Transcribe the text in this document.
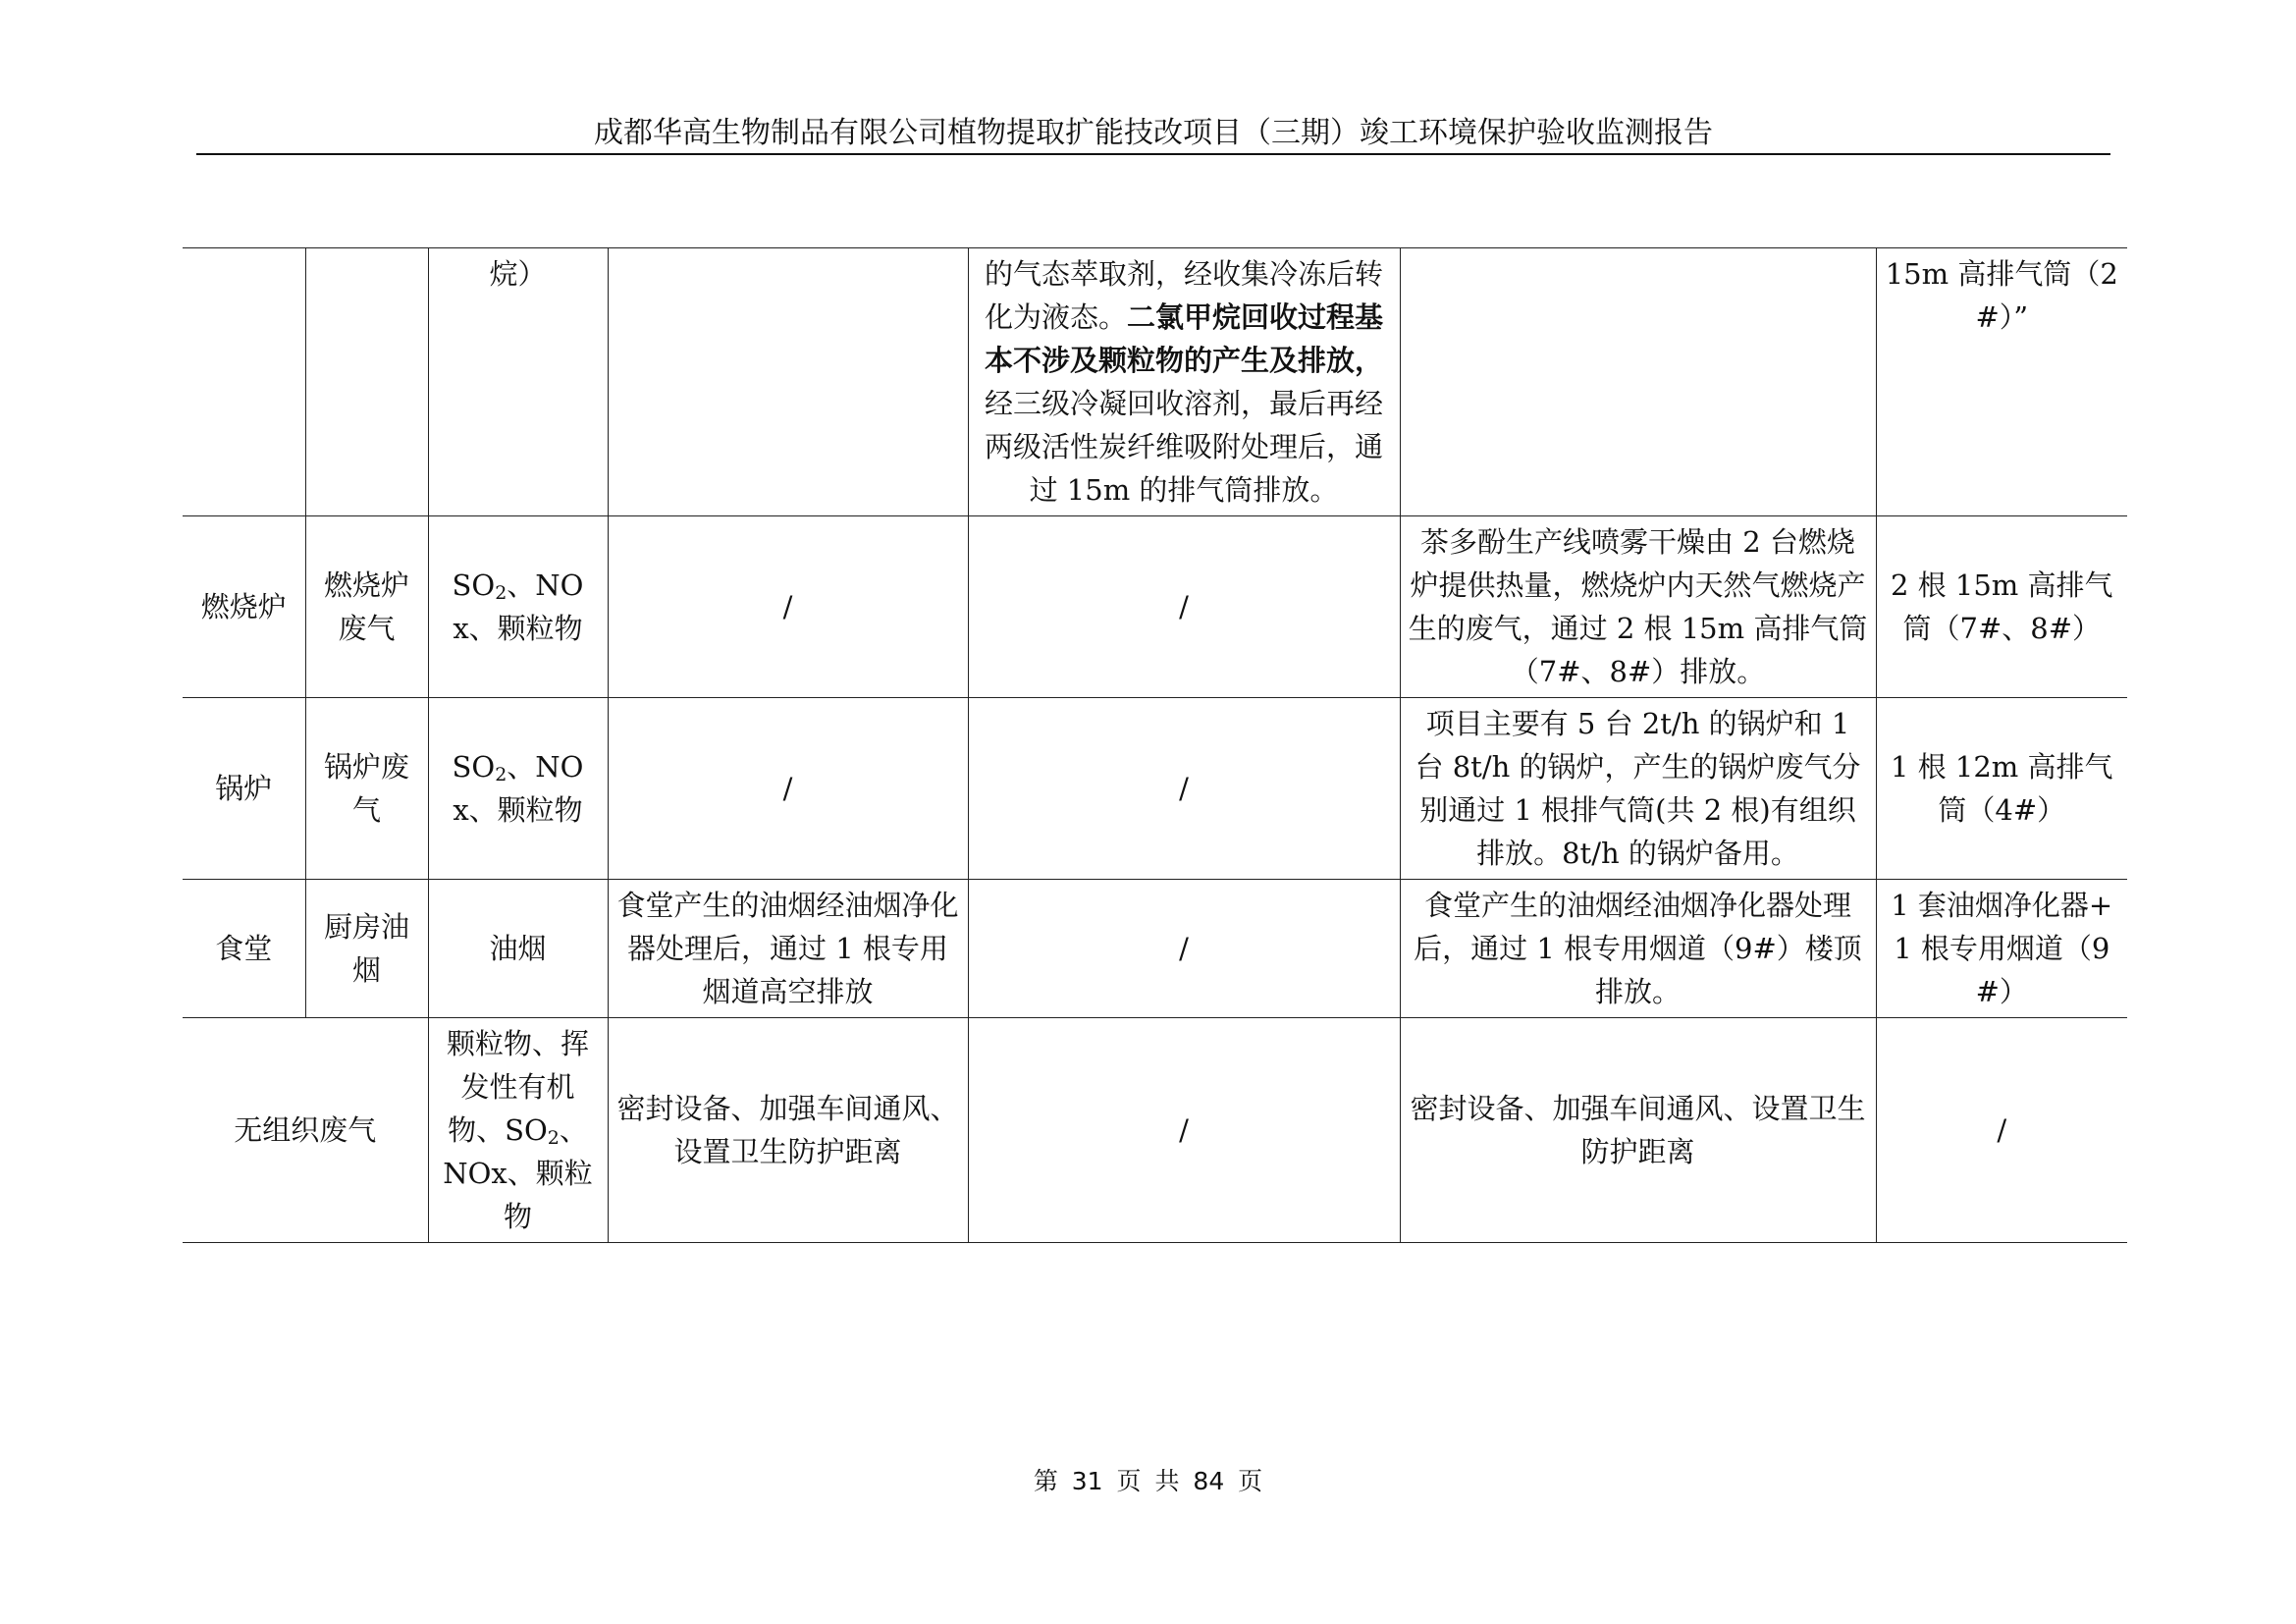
成都华高生物制品有限公司植物提取扩能技改项目（三期）竣工环境保护验收监测报告
		烷）		的气态萃取剂，经收集冷冻后转化为液态。二氯甲烷回收过程基本不涉及颗粒物的产生及排放，经三级冷凝回收溶剂，最后再经两级活性炭纤维吸附处理后，通过 15m 的排气筒排放。		15m 高排气筒（2#）”
燃烧炉	燃烧炉废气	$SO_2$、NOx、颗粒物	/	/	茶多酚生产线喷雾干燥由 2 台燃烧炉提供热量，燃烧炉内天然气燃烧产生的废气，通过 2 根 15m 高排气筒（7#、8#）排放。	2 根 15m 高排气筒（7#、8#）
锅炉	锅炉废气	$SO_2$、NOx、颗粒物	/	/	项目主要有 5 台 2t/h 的锅炉和 1 台 8t/h 的锅炉，产生的锅炉废气分别通过 1 根排气筒(共 2 根)有组织排放。8t/h 的锅炉备用。	1 根 12m 高排气筒（4#）
食堂	厨房油烟	油烟	食堂产生的油烟经油烟净化器处理后，通过 1 根专用烟道高空排放	/	食堂产生的油烟经油烟净化器处理后，通过 1 根专用烟道（9#）楼顶排放。	1 套油烟净化器+1 根专用烟道（9#）
无组织废气		颗粒物、挥发性有机物、$SO_2$、NOx、颗粒物	密封设备、加强车间通风、设置卫生防护距离	/	密封设备、加强车间通风、设置卫生防护距离	/
第 31 页 共 84 页
